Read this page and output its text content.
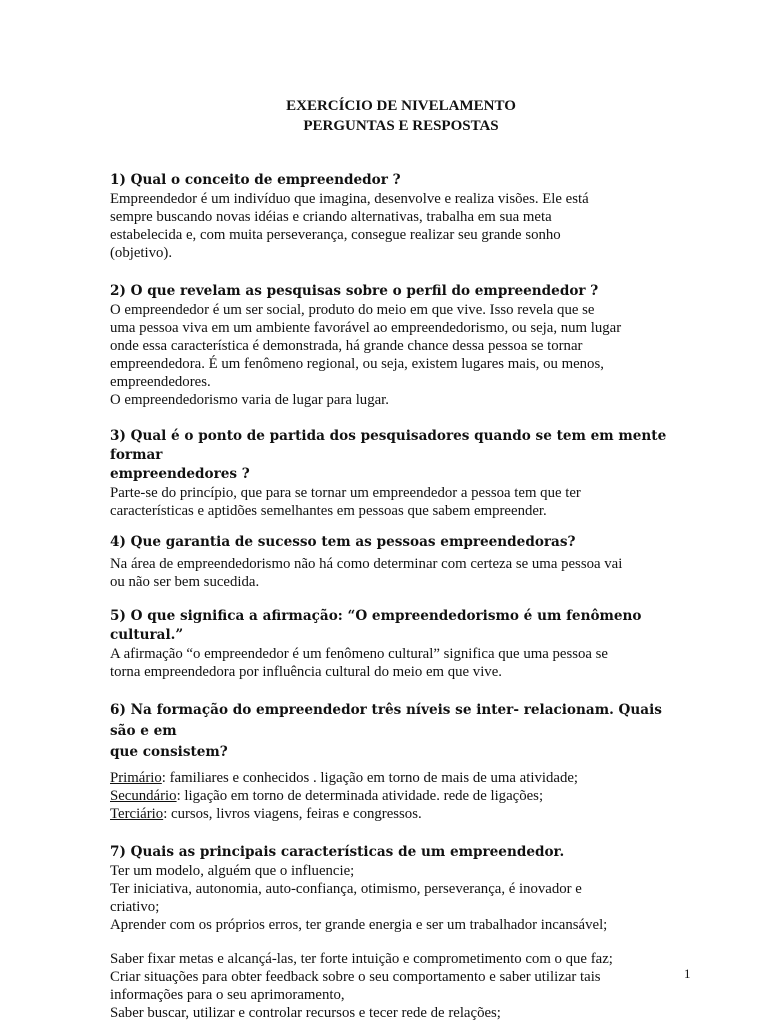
EXERCÍCIO DE NIVELAMENTO

PERGUNTAS E RESPOSTAS

1) Qual o conceito de empreendedor ?

Empreendedor é um indivíduo que imagina, desenvolve e realiza visões. Ele está

sempre buscando novas idéias e criando alternativas, trabalha em sua meta

estabelecida e, com muita perseverança, consegue realizar seu grande sonho

(objetivo).

2) O que revelam as pesquisas sobre o perfil do empreendedor ?

O empreendedor é um ser social, produto do meio em que vive. Isso revela que se

uma pessoa viva em um ambiente favorável ao empreendedorismo, ou seja, num lugar

onde essa característica é demonstrada, há grande chance dessa pessoa se tornar

empreendedora. É um fenômeno regional, ou seja, existem lugares mais, ou menos,

empreendedores.

O empreendedorismo varia de lugar para lugar.

3) Qual é o ponto de partida dos pesquisadores quando se tem em mente formar

empreendedores ?

Parte-se do princípio, que para se tornar um empreendedor a pessoa tem que ter

características e aptidões semelhantes em pessoas que sabem empreender.

4) Que garantia de sucesso tem as pessoas empreendedoras?

Na área de empreendedorismo não há como determinar com certeza se uma pessoa vai

ou não ser bem sucedida.

5) O que significa a afirmação: “O empreendedorismo é um fenômeno cultural.”

A afirmação “o empreendedor é um fenômeno cultural” significa que uma pessoa se

torna empreendedora por influência cultural do meio em que vive.

6) Na formação do empreendedor três níveis se inter- relacionam. Quais são e em

que consistem?

Primário: familiares e conhecidos . ligação em torno de mais de uma atividade;

Secundário: ligação em torno de determinada atividade. rede de ligações;

Terciário: cursos, livros viagens, feiras e congressos.

7) Quais as principais características de um empreendedor.

Ter um modelo, alguém que o influencie;

Ter iniciativa, autonomia, auto-confiança, otimismo, perseverança, é inovador e

criativo;

Aprender com os próprios erros, ter grande energia e ser um trabalhador incansável;

Saber fixar metas e alcançá-las, ter forte intuição e comprometimento com o que faz;

Criar situações para obter feedback sobre o seu comportamento e saber utilizar tais

informações para o seu aprimoramento,

Saber buscar, utilizar e controlar recursos e tecer rede de relações;

1
